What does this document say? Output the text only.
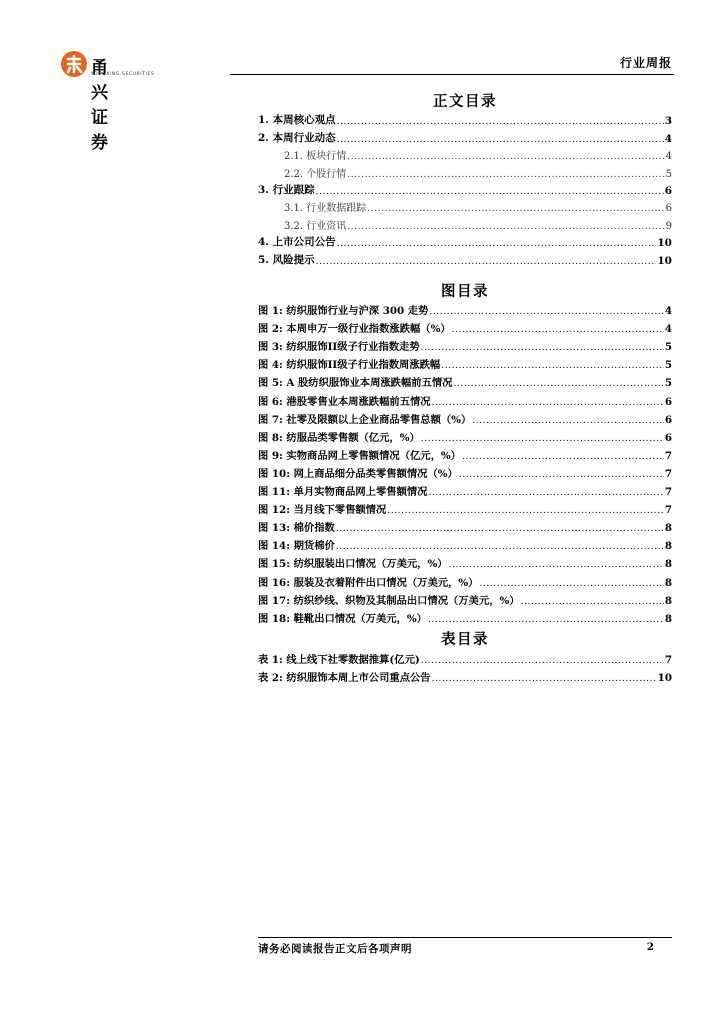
甬兴证券
YONGXING SECURITIES
行业周报
正文目录
1. 本周核心观点 .....	3
2. 本周行业动态 .....	4
2.1. 板块行情 .....	4
2.2. 个股行情 .....	5
3. 行业跟踪 .....	6
3.1. 行业数据跟踪 .....	6
3.2. 行业资讯 .....	9
4. 上市公司公告 .....	10
5. 风险提示 .....	10
图目录
图 1: 纺织服饰行业与沪深 300 走势 .....	4
图 2: 本周申万一级行业指数涨跌幅（%） .....	4
图 3: 纺织服饰II级子行业指数走势 .....	5
图 4: 纺织服饰II级子行业指数周涨跌幅 .....	5
图 5: A 股纺织服饰业本周涨跌幅前五情况 .....	5
图 6: 港股零售业本周涨跌幅前五情况 .....	6
图 7: 社零及限额以上企业商品零售总额（%） .....	6
图 8: 纺服品类零售额（亿元，%） .....	6
图 9: 实物商品网上零售额情况（亿元，%） .....	7
图 10: 网上商品细分品类零售额情况（%） .....	7
图 11: 单月实物商品网上零售额情况 .....	7
图 12: 当月线下零售额情况 .....	7
图 13: 棉价指数 .....	8
图 14: 期货棉价 .....	8
图 15: 纺织服装出口情况（万美元，%） .....	8
图 16: 服装及衣着附件出口情况（万美元，%） .....	8
图 17: 纺织纱线、织物及其制品出口情况（万美元，%） .....	8
图 18: 鞋靴出口情况（万美元，%） .....	8
表目录
表 1: 线上线下社零数据推算(亿元) .....	7
表 2: 纺织服饰本周上市公司重点公告 .....	10
请务必阅读报告正文后各项声明	2
